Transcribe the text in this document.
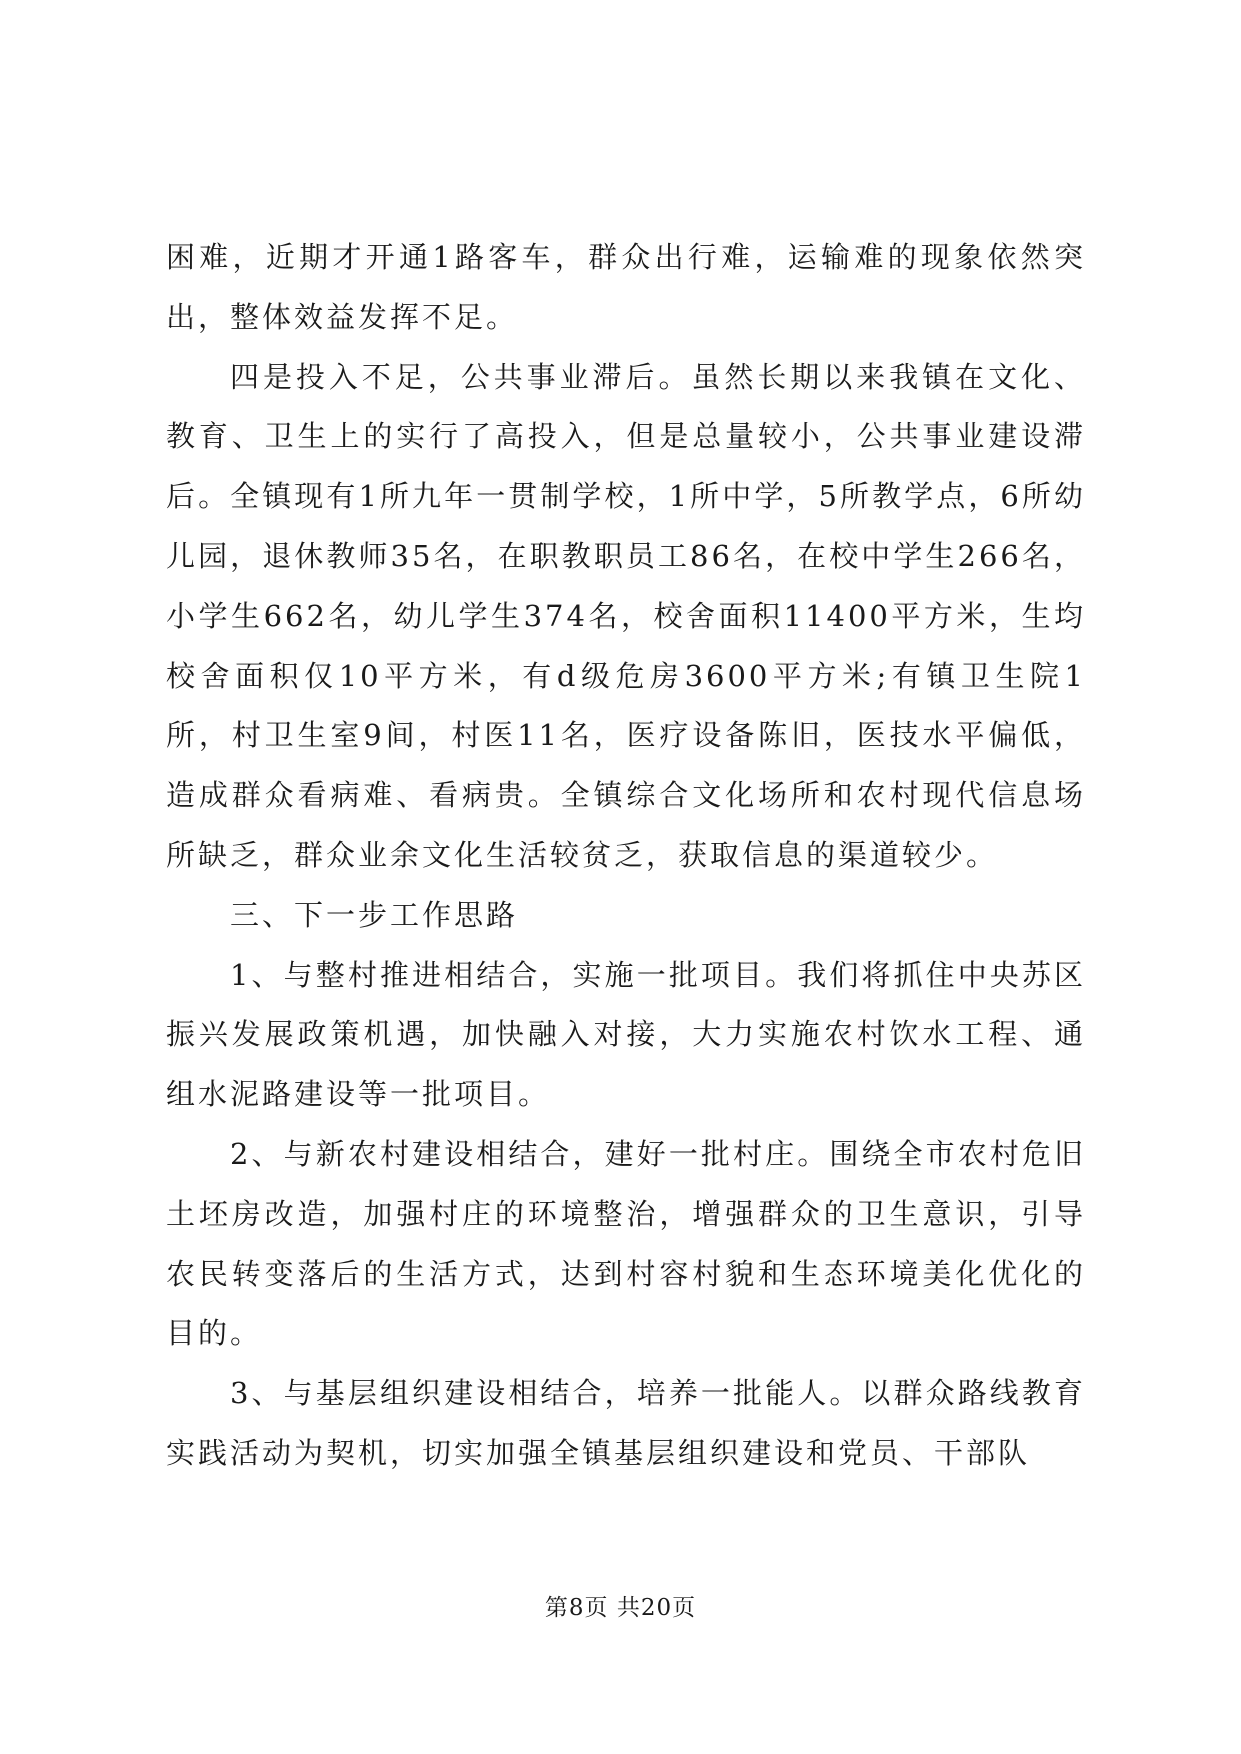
困难，近期才开通1路客车，群众出行难，运输难的现象依然突出，整体效益发挥不足。

四是投入不足，公共事业滞后。虽然长期以来我镇在文化、教育、卫生上的实行了高投入，但是总量较小，公共事业建设滞后。全镇现有1所九年一贯制学校，1所中学，5所教学点，6所幼儿园，退休教师35名，在职教职员工86名，在校中学生266名，小学生662名，幼儿学生374名，校舍面积11400平方米，生均校舍面积仅10平方米，有d级危房3600平方米;有镇卫生院1所，村卫生室9间，村医11名，医疗设备陈旧，医技水平偏低，造成群众看病难、看病贵。全镇综合文化场所和农村现代信息场所缺乏，群众业余文化生活较贫乏，获取信息的渠道较少。

三、下一步工作思路

1、与整村推进相结合，实施一批项目。我们将抓住中央苏区振兴发展政策机遇，加快融入对接，大力实施农村饮水工程、通组水泥路建设等一批项目。

2、与新农村建设相结合，建好一批村庄。围绕全市农村危旧土坯房改造，加强村庄的环境整治，增强群众的卫生意识，引导农民转变落后的生活方式，达到村容村貌和生态环境美化优化的目的。

3、与基层组织建设相结合，培养一批能人。以群众路线教育实践活动为契机，切实加强全镇基层组织建设和党员、干部队

第8页 共20页
